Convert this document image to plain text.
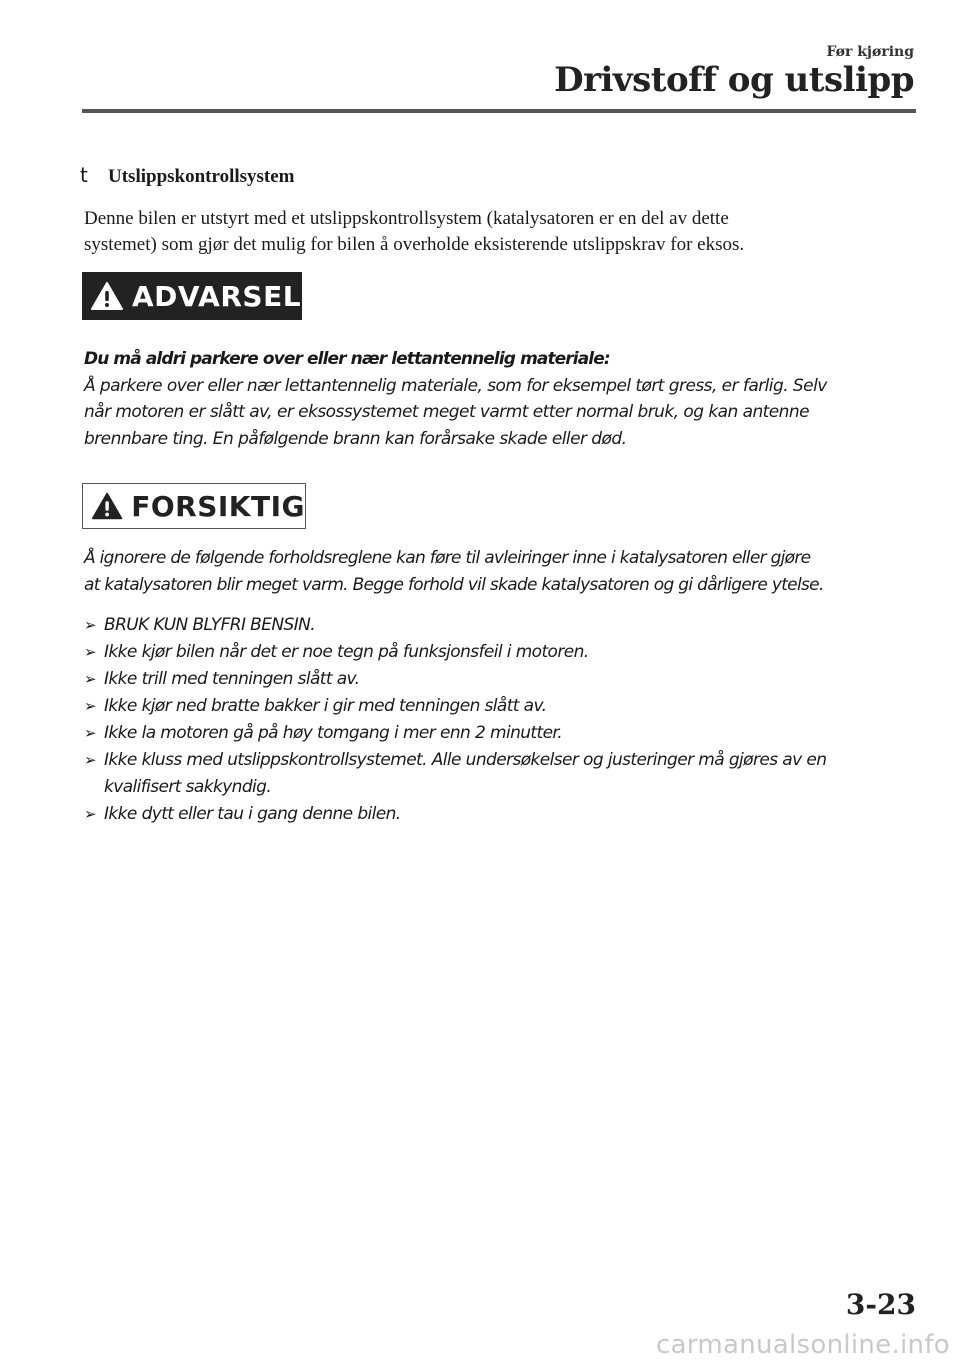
Før kjøring
Drivstoff og utslipp
t Utslippskontrollsystem

Denne bilen er utstyrt med et utslippskontrollsystem (katalysatoren er en del av dette

systemet) som gjør det mulig for bilen å overholde eksisterende utslippskrav for eksos.

ADVARSEL

Du må aldri parkere over eller nær lettantennelig materiale:

Å parkere over eller nær lettantennelig materiale, som for eksempel tørt gress, er farlig. Selv

når motoren er slått av, er eksossystemet meget varmt etter normal bruk, og kan antenne

brennbare ting. En påfølgende brann kan forårsake skade eller død.

FORSIKTIG

Å ignorere de følgende forholdsreglene kan føre til avleiringer inne i katalysatoren eller gjøre

at katalysatoren blir meget varm. Begge forhold vil skade katalysatoren og gi dårligere ytelse.

➢ BRUK KUN BLYFRI BENSIN.
➢ Ikke kjør bilen når det er noe tegn på funksjonsfeil i motoren.
➢ Ikke trill med tenningen slått av.
➢ Ikke kjør ned bratte bakker i gir med tenningen slått av.
➢ Ikke la motoren gå på høy tomgang i mer enn 2 minutter.
➢ Ikke kluss med utslippskontrollsystemet. Alle undersøkelser og justeringer må gjøres av en
kvalifisert sakkyndig.
➢ Ikke dytt eller tau i gang denne bilen.
3-23
carmanualsonline.info
